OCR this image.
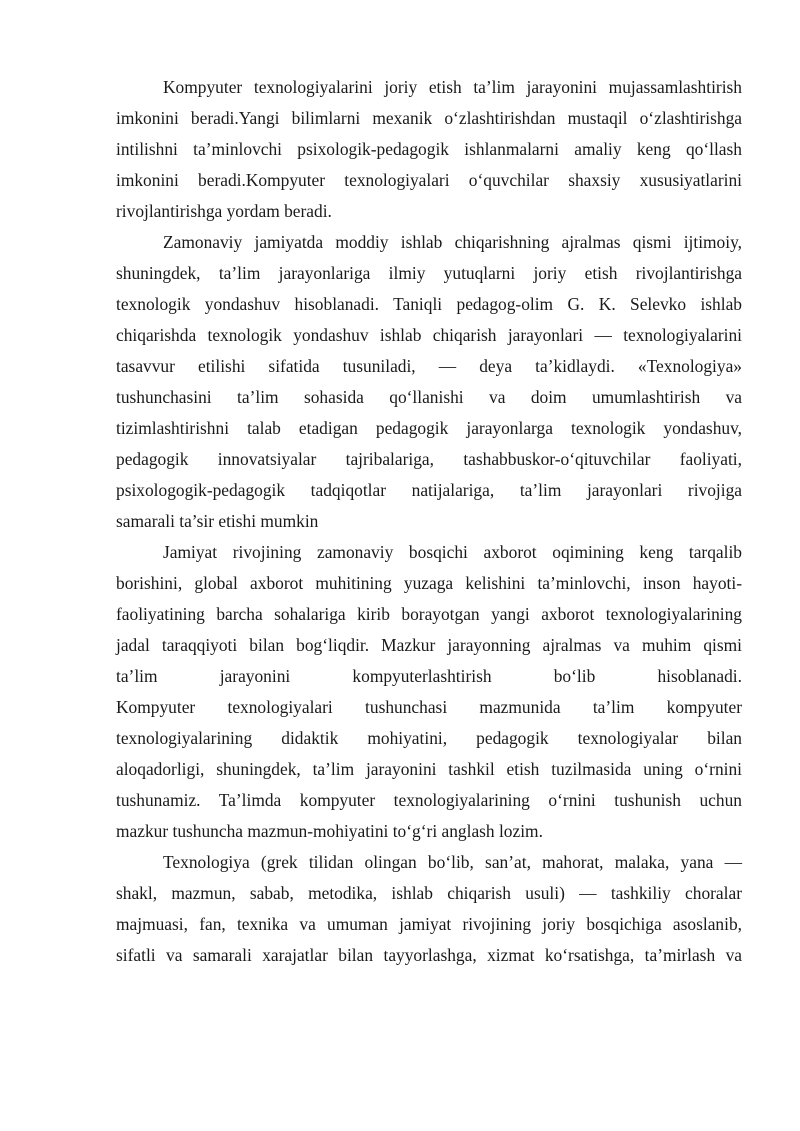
Kompyuter texnologiyalarini joriy etish ta’lim jarayonini mujassamlashtirish
imkonini beradi.Yangi bilimlarni mexanik o‘zlashtirishdan mustaqil o‘zlashtirishga
intilishni ta’minlovchi psixologik-pedagogik ishlanmalarni amaliy keng qo‘llash
imkonini beradi.Kompyuter texnologiyalari o‘quvchilar shaxsiy xususiyatlarini
rivojlantirishga yordam beradi.

Zamonaviy jamiyatda moddiy ishlab chiqarishning ajralmas qismi ijtimoiy,
shuningdek, ta’lim jarayonlariga ilmiy yutuqlarni joriy etish rivojlantirishga
texnologik yondashuv hisoblanadi. Taniqli pedagog-olim G. K. Selevko ishlab
chiqarishda texnologik yondashuv ishlab chiqarish jarayonlari — texnologiyalarini
tasavvur etilishi sifatida tusuniladi, — deya ta’kidlaydi. «Texnologiya»
tushunchasini ta’lim sohasida qo‘llanishi va doim umumlashtirish va
tizimlashtirishni talab etadigan pedagogik jarayonlarga texnologik yondashuv,
pedagogik innovatsiyalar tajribalariga, tashabbuskor-o‘qituvchilar faoliyati,
psixologogik-pedagogik tadqiqotlar natijalariga, ta’lim jarayonlari rivojiga
samarali ta’sir etishi mumkin

Jamiyat rivojining zamonaviy bosqichi axborot oqimining keng tarqalib
borishini, global axborot muhitining yuzaga kelishini ta’minlovchi, inson hayoti-
faoliyatining barcha sohalariga kirib borayotgan yangi axborot texnologiyalarining
jadal taraqqiyoti bilan bog‘liqdir. Mazkur jarayonning ajralmas va muhim qismi
ta’lim jarayonini kompyuterlashtirish bo‘lib hisoblanadi.
Kompyuter texnologiyalari tushunchasi mazmunida ta’lim kompyuter
texnologiyalarining didaktik mohiyatini, pedagogik texnologiyalar bilan
aloqadorligi, shuningdek, ta’lim jarayonini tashkil etish tuzilmasida uning o‘rnini
tushunamiz. Ta’limda kompyuter texnologiyalarining o‘rnini tushunish uchun
mazkur tushuncha mazmun-mohiyatini to‘g‘ri anglash lozim.

Texnologiya (grek tilidan olingan bo‘lib, san’at, mahorat, malaka, yana —
shakl, mazmun, sabab, metodika, ishlab chiqarish usuli) — tashkiliy choralar
majmuasi, fan, texnika va umuman jamiyat rivojining joriy bosqichiga asoslanib,
sifatli va samarali xarajatlar bilan tayyorlashga, xizmat ko‘rsatishga, ta’mirlash va
